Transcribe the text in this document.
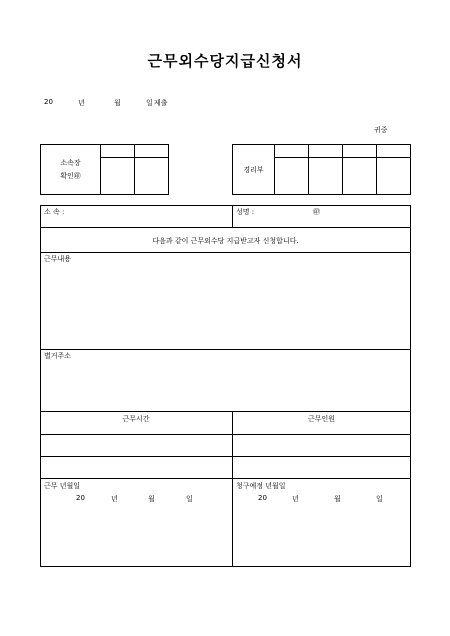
근무외수당지급신청서
20	년	월	일 제출
귀중
소속장
확인㊞		

경리부				

소 속 :	성명 :	㊞
다음과 같이 근무외수당 지급받고자 신청합니다.
근무내용
별거주소
근무시간	근무인원
근무 년월일
20	년	월	일
청구예정 년월일
20	년	월	일
